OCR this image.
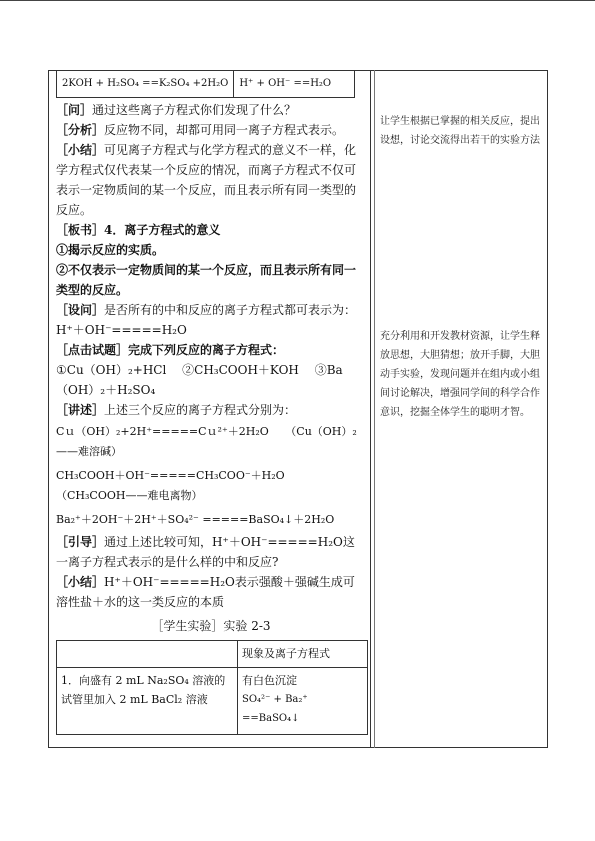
2KOH + H₂SO₄ ==K₂SO₄ +2H₂O	H⁺ + OH⁻ ==H₂O

［问］通过这些离子方程式你们发现了什么？

［分析］反应物不同，却都可用同一离子方程式表示。

［小结］可见离子方程式与化学方程式的意义不一样，化学方程式仅代表某一个反应的情况，而离子方程式不仅可表示一定物质间的某一个反应，而且表示所有同一类型的反应。

［板书］4．离子方程式的意义

①揭示反应的实质。

②不仅表示一定物质间的某一个反应，而且表示所有同一类型的反应。

［设问］是否所有的中和反应的离子方程式都可表示为：H⁺＋OH⁻=====H₂O

［点击试题］完成下列反应的离子方程式：

①Cu（OH）₂+HCl　 ②CH₃COOH＋KOH　 ③Ba（OH）₂＋H₂SO₄

［讲述］上述三个反应的离子方程式分别为：

Cｕ（OH）₂+2H⁺=====Cｕ²⁺＋2H₂O　　（Cu（OH）₂——难溶碱）

CH₃COOH＋OH⁻=====CH₃COO⁻＋H₂O　　（CH₃COOH——难电离物）

Ba₂⁺＋2OH⁻＋2H⁺＋SO₄²⁻ =====BaSO₄↓＋2H₂O

［引导］通过上述比较可知，H⁺＋OH⁻=====H₂O这一离子方程式表示的是什么样的中和反应?

［小结］H⁺＋OH⁻=====H₂O表示强酸＋强碱生成可溶性盐＋水的这一类反应的本质

［学生实验］实验 2-3

	现象及离子方程式
1．向盛有 2 mL Na₂SO₄ 溶液的试管里加入 2 mL BaCl₂ 溶液	有白色沉淀
SO₄²⁻ + Ba₂⁺ ==BaSO₄↓
让学生根据已掌握的相关反应，提出设想，讨论交流得出若干的实验方法
充分利用和开发教材资源，让学生释放思想，大胆猜想；放开手脚，大胆动手实验，发现问题并在组内或小组间讨论解决，增强同学间的科学合作意识，挖掘全体学生的聪明才智。
